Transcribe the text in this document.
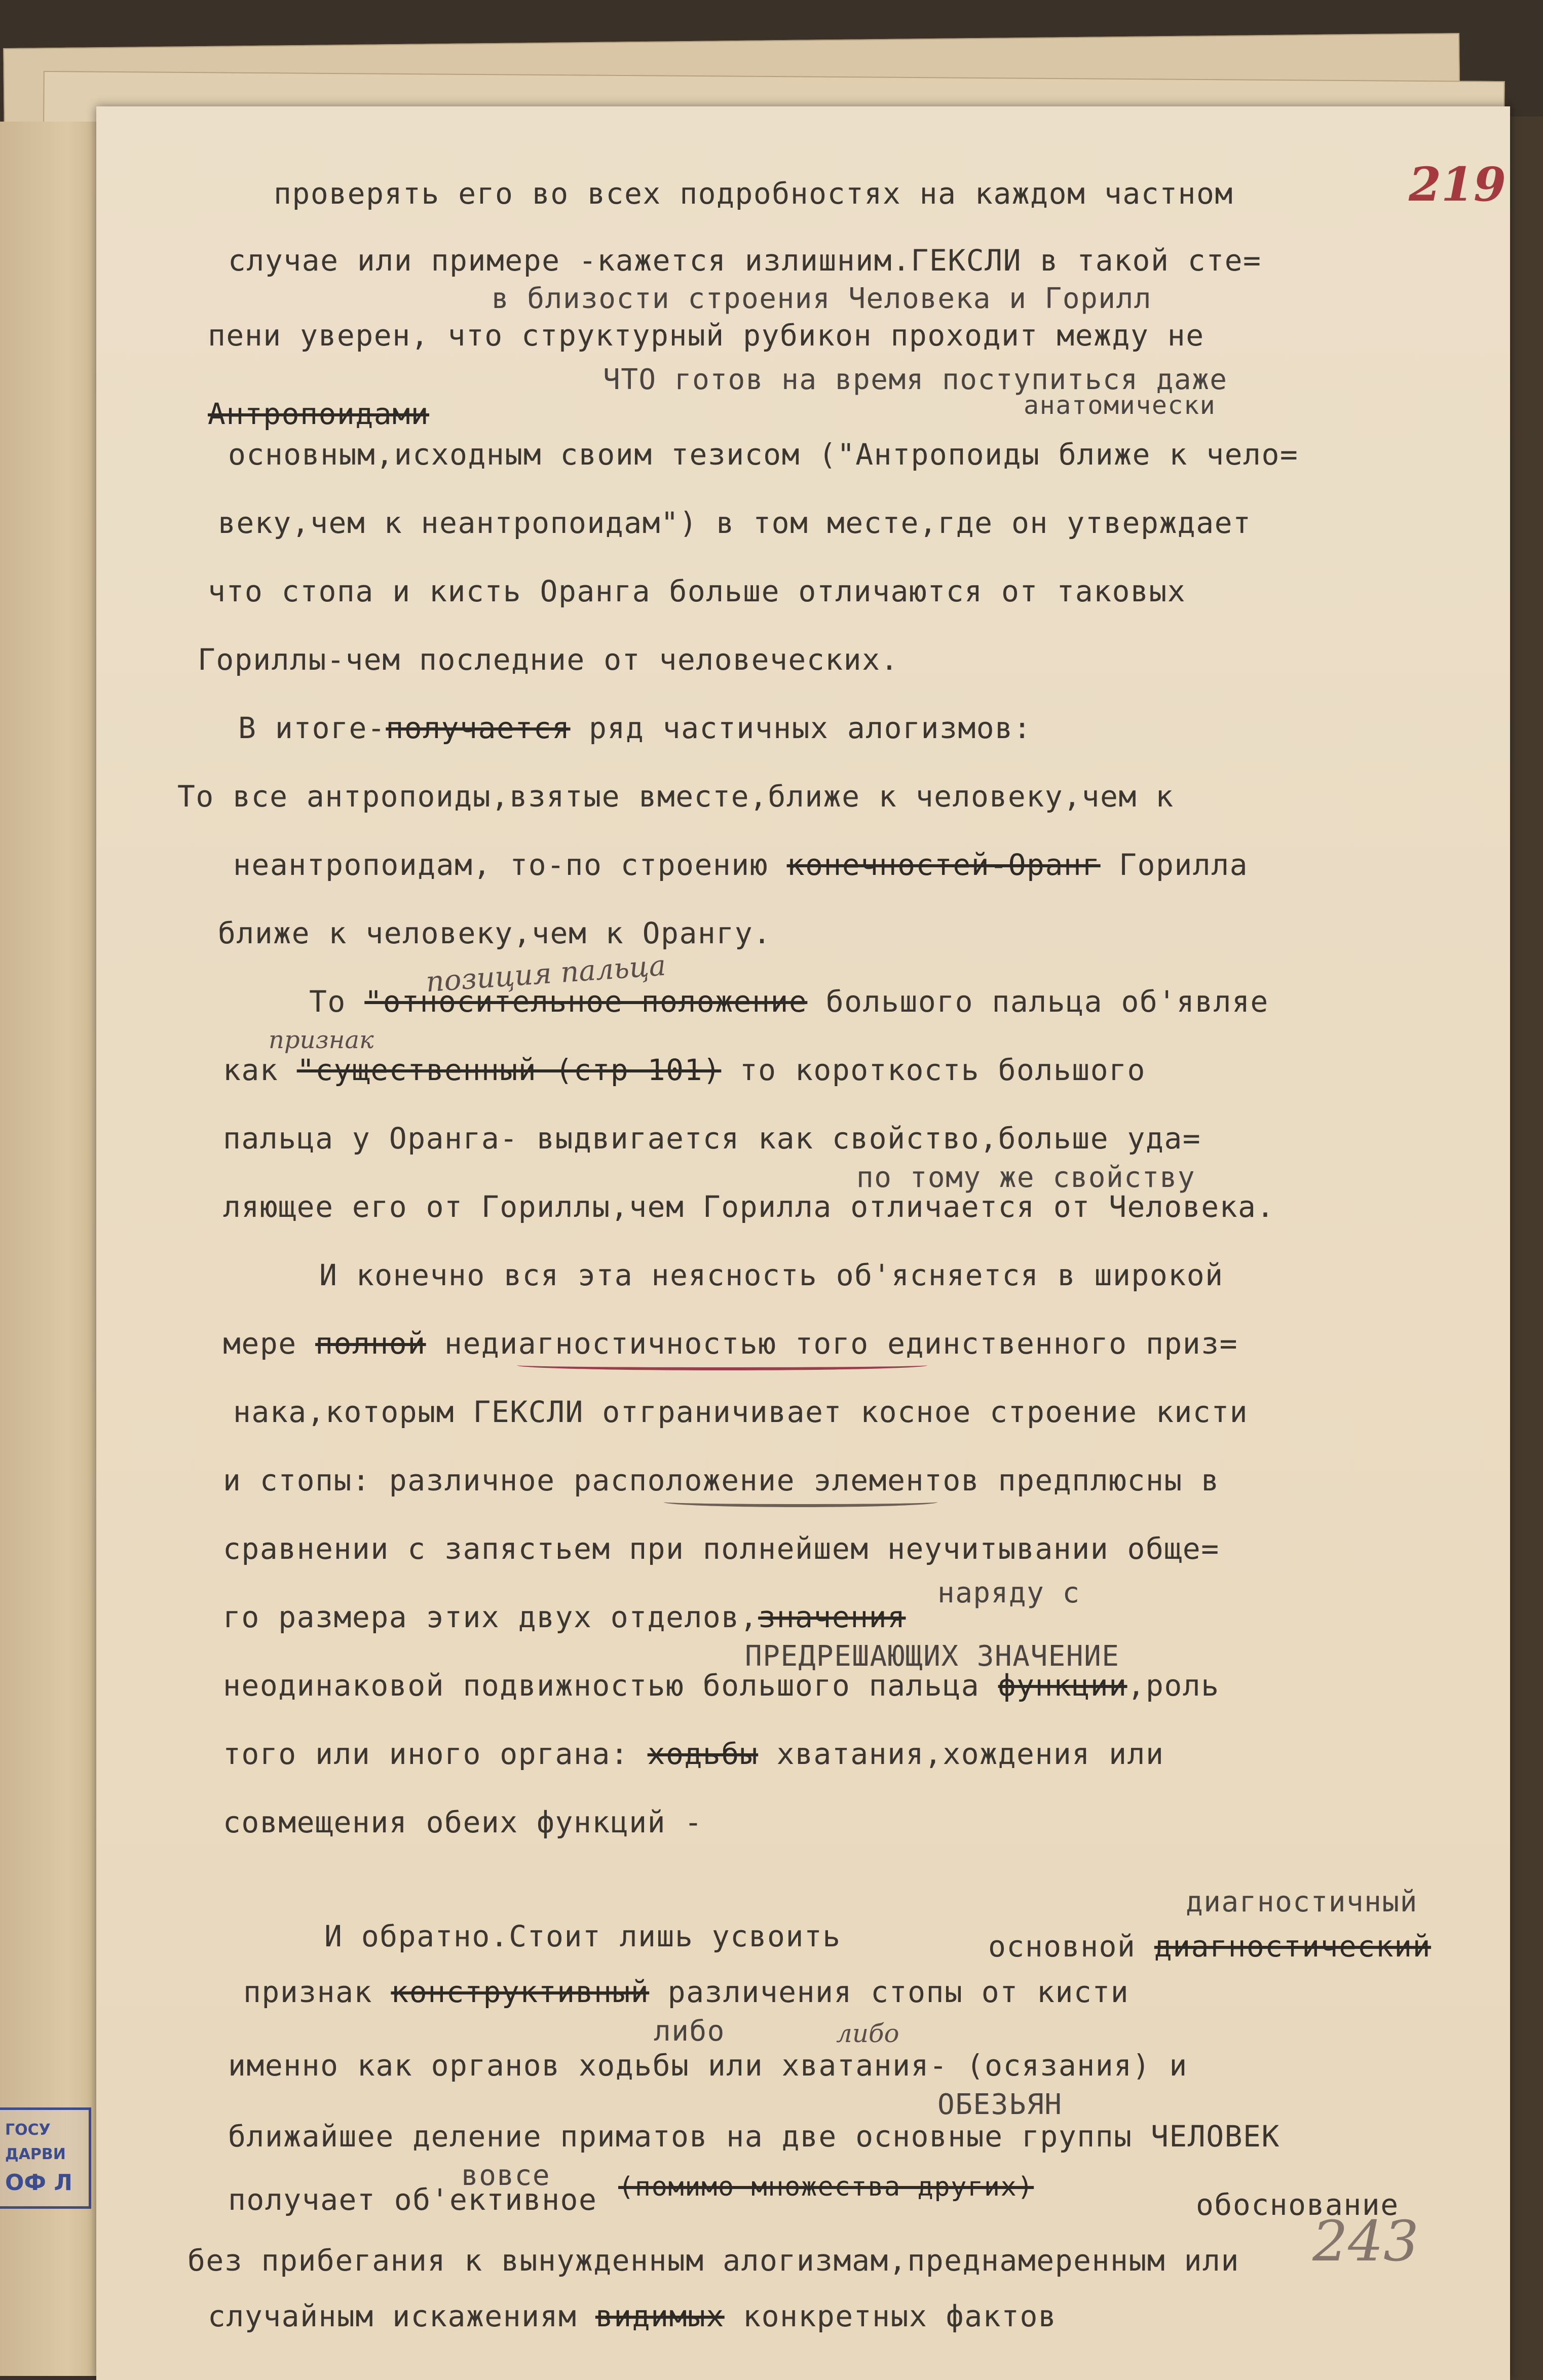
ГОСУ
ДАРВИ
ОФ Л
219
проверять его во всех подробностях на каждом частном
случае или примере -кажется излишним.ГЕКСЛИ в такой сте=
в близости строения Человека и Горилл
пени уверен, что структурный рубикон проходит между не
ЧТО готов на время поступиться даже
анатомически
Антропоидами
основным,исходным своим тезисом ("Антропоиды ближе к чело=
веку,чем к неантропоидам") в том месте,где он утверждает
что стопа и кисть Оранга больше отличаются от таковых
Гориллы-чем последние от человеческих.
В итоге-получается ряд частичных алогизмов:
То все антропоиды,взятые вместе,ближе к человеку,чем к
неантропоидам, то-по строению конечностей-Оранг Горилла
ближе к человеку,чем к Орангу.
позиция пальца
То "относительное положение большого пальца об'являе
признак
как "существенный (стр 101) то короткость большого
пальца у Оранга- выдвигается как свойство,больше уда=
по тому же свойству
ляющее его от Гориллы,чем Горилла отличается от Человека.
И конечно вся эта неясность об'ясняется в широкой
мере полной недиагностичностью того единственного приз=
нака,которым ГЕКСЛИ отграничивает косное строение кисти
и стопы: различное расположение элементов предплюсны в
сравнении с запястьем при полнейшем неучитывании обще=
наряду с
го размера этих двух отделов,значения
ПРЕДРЕШАЮЩИХ ЗНАЧЕНИЕ
неодинаковой подвижностью большого пальца функции,роль
того или иного органа: ходьбы хватания,хождения или
совмещения обеих функций -
диагностичный
И обратно.Стоит лишь усвоить	основной диагностический
признак конструктивный различения стопы от кисти
либо	либо
именно как органов ходьбы или хватания- (осязания) и
ОБЕЗЬЯН
ближайшее деление приматов на две основные группы ЧЕЛОВЕК
вовсе
получает об'ективное (помимо множества других)
обоснование
без прибегания к вынужденным алогизмам,преднамеренным или 243
случайным искажениям видимых конкретных фактов
